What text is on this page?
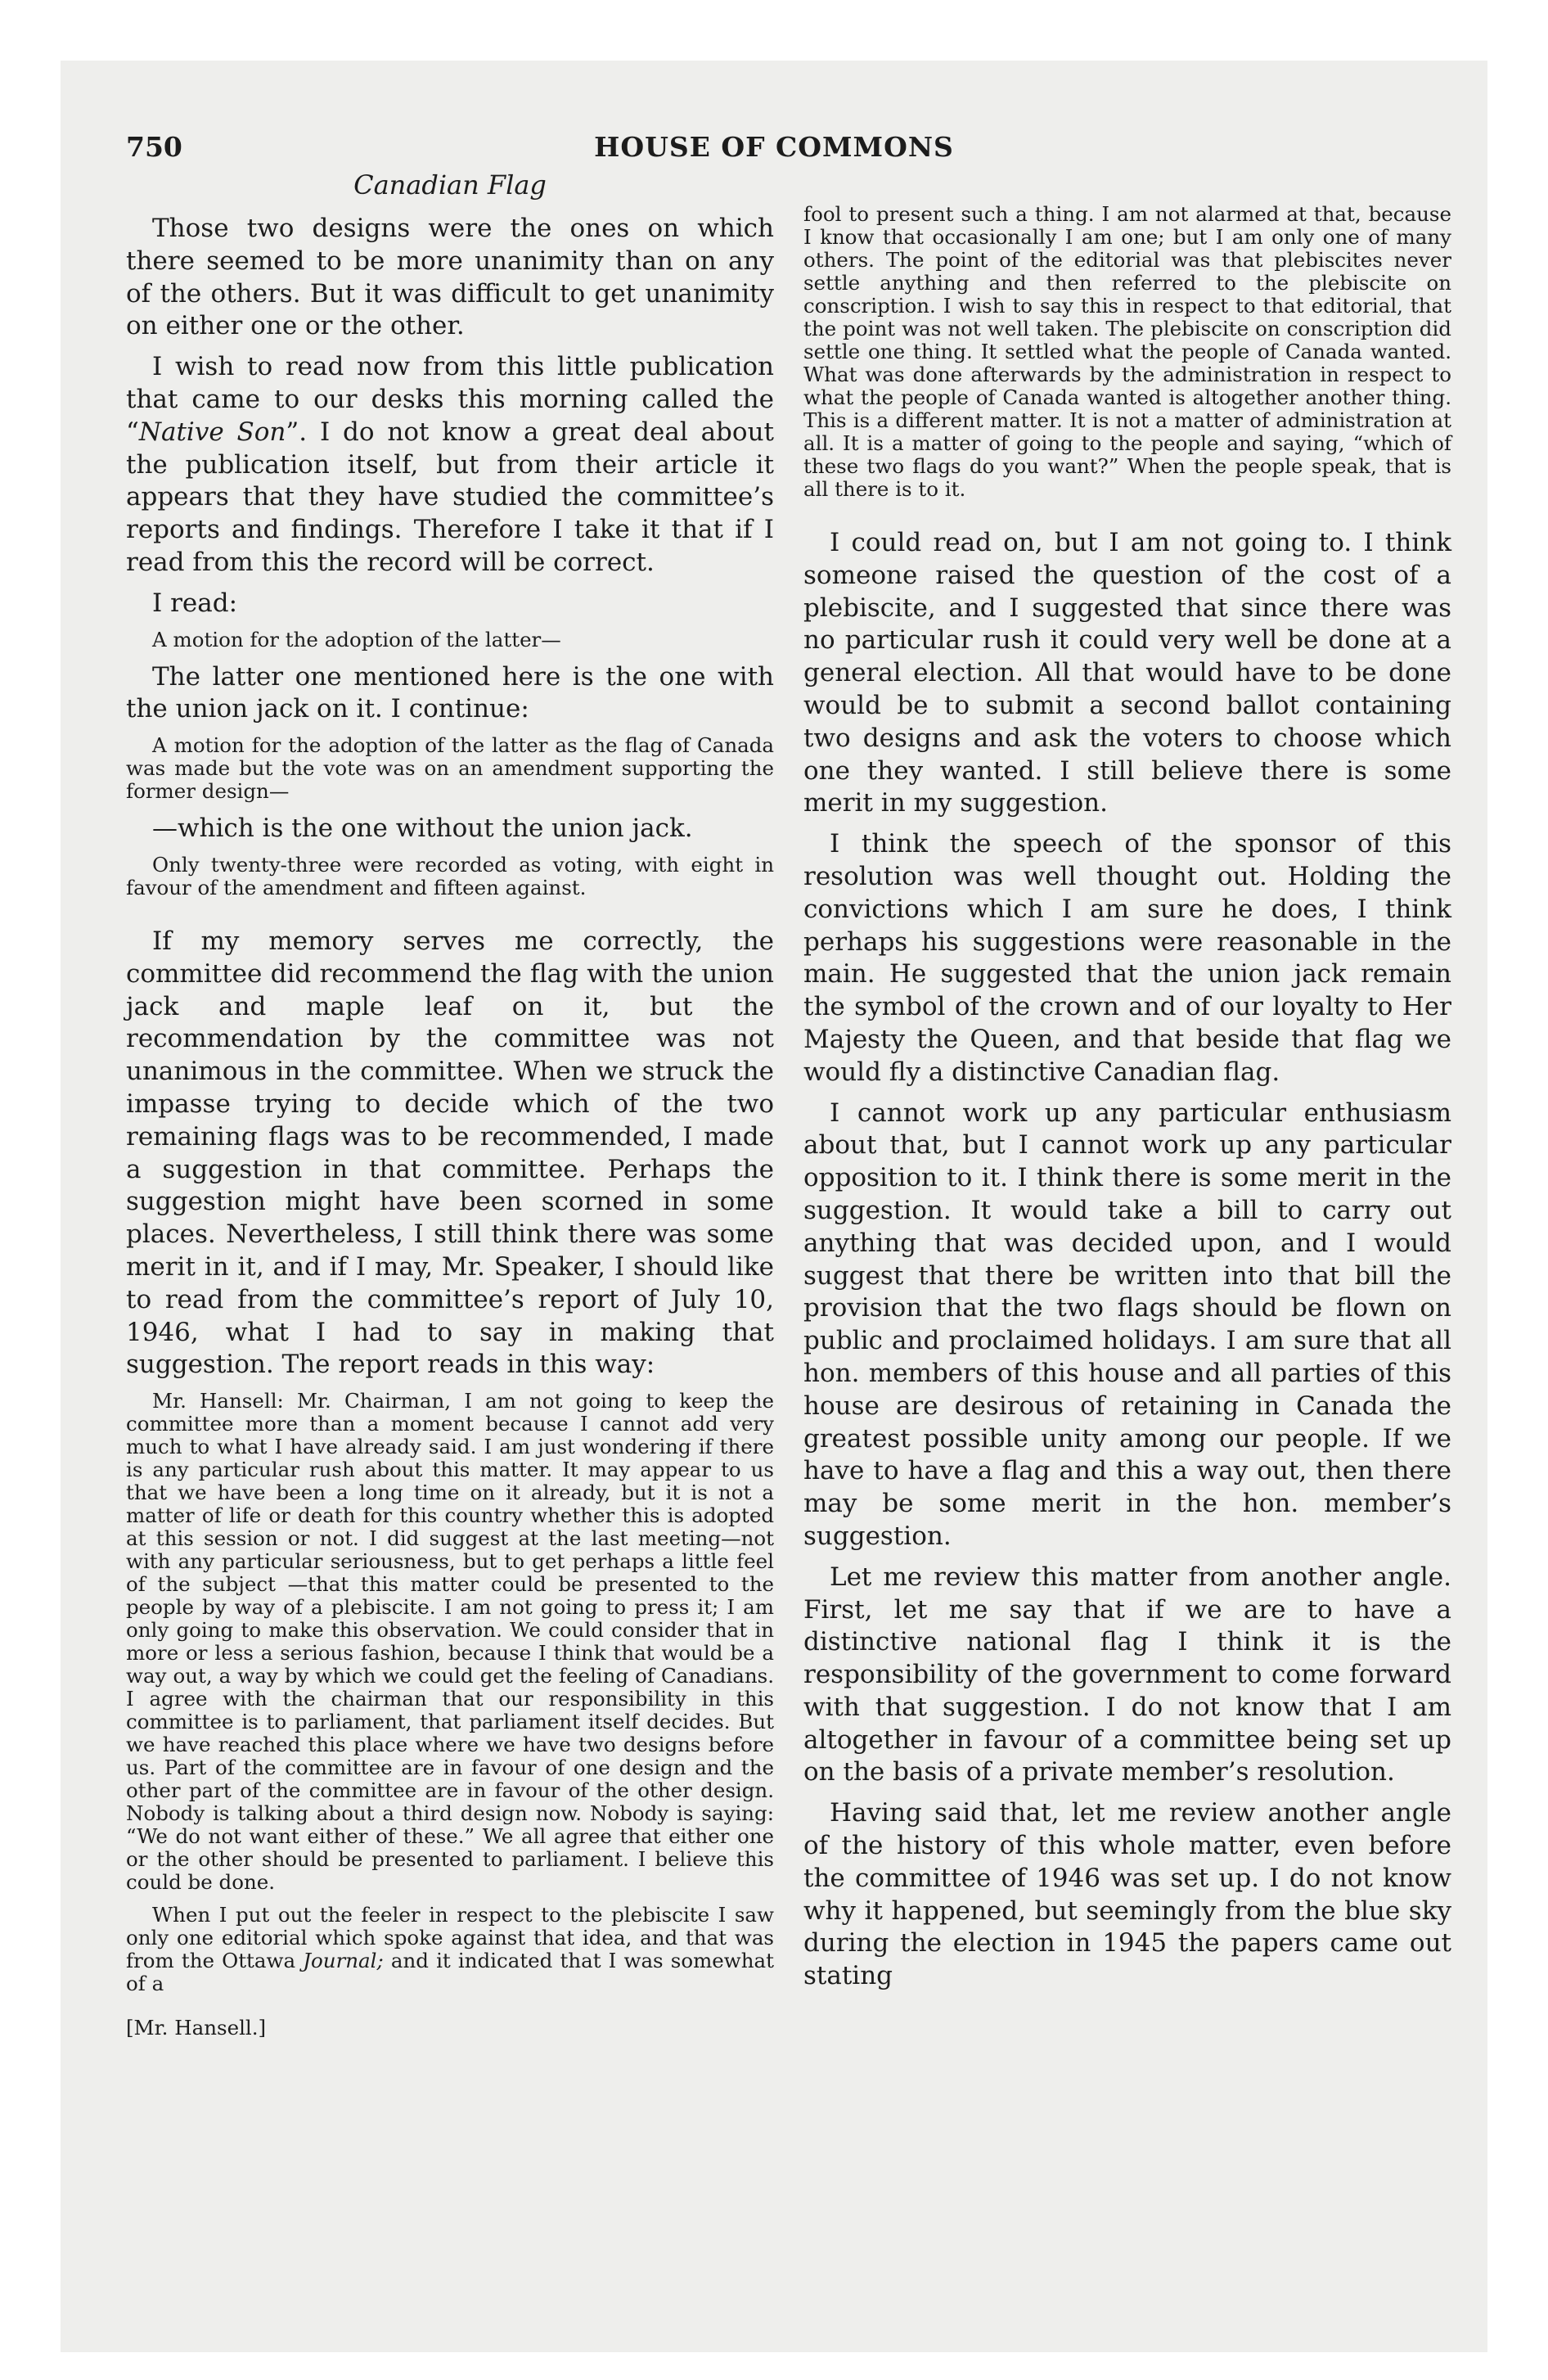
750	HOUSE OF COMMONS

Canadian Flag

Those two designs were the ones on which there seemed to be more unanimity than on any of the others. But it was difficult to get unanimity on either one or the other.

I wish to read now from this little publication that came to our desks this morning called the “Native Son”. I do not know a great deal about the publication itself, but from their article it appears that they have studied the committee’s reports and findings. Therefore I take it that if I read from this the record will be correct.

I read:

A motion for the adoption of the latter—

The latter one mentioned here is the one with the union jack on it. I continue:

A motion for the adoption of the latter as the flag of Canada was made but the vote was on an amendment supporting the former design—

—which is the one without the union jack.

Only twenty-three were recorded as voting, with eight in favour of the amendment and fifteen against.

If my memory serves me correctly, the committee did recommend the flag with the union jack and maple leaf on it, but the recommendation by the committee was not unanimous in the committee. When we struck the impasse trying to decide which of the two remaining flags was to be recommended, I made a suggestion in that committee. Perhaps the suggestion might have been scorned in some places. Nevertheless, I still think there was some merit in it, and if I may, Mr. Speaker, I should like to read from the committee’s report of July 10, 1946, what I had to say in making that suggestion. The report reads in this way:

Mr. Hansell: Mr. Chairman, I am not going to keep the committee more than a moment because I cannot add very much to what I have already said. I am just wondering if there is any particular rush about this matter. It may appear to us that we have been a long time on it already, but it is not a matter of life or death for this country whether this is adopted at this session or not. I did suggest at the last meeting—not with any particular seriousness, but to get perhaps a little feel of the subject —that this matter could be presented to the people by way of a plebiscite. I am not going to press it; I am only going to make this observation. We could consider that in more or less a serious fashion, because I think that would be a way out, a way by which we could get the feeling of Canadians. I agree with the chairman that our responsibility in this committee is to parliament, that parliament itself decides. But we have reached this place where we have two designs before us. Part of the committee are in favour of one design and the other part of the committee are in favour of the other design. Nobody is talking about a third design now. Nobody is saying: “We do not want either of these.” We all agree that either one or the other should be presented to parliament. I believe this could be done.

When I put out the feeler in respect to the plebiscite I saw only one editorial which spoke against that idea, and that was from the Ottawa Journal; and it indicated that I was somewhat of a

[Mr. Hansell.]

fool to present such a thing. I am not alarmed at that, because I know that occasionally I am one; but I am only one of many others. The point of the editorial was that plebiscites never settle anything and then referred to the plebiscite on conscription. I wish to say this in respect to that editorial, that the point was not well taken. The plebiscite on conscription did settle one thing. It settled what the people of Canada wanted. What was done afterwards by the administration in respect to what the people of Canada wanted is altogether another thing. This is a different matter. It is not a matter of administration at all. It is a matter of going to the people and saying, “which of these two flags do you want?” When the people speak, that is all there is to it.

I could read on, but I am not going to. I think someone raised the question of the cost of a plebiscite, and I suggested that since there was no particular rush it could very well be done at a general election. All that would have to be done would be to submit a second ballot containing two designs and ask the voters to choose which one they wanted. I still believe there is some merit in my suggestion.

I think the speech of the sponsor of this resolution was well thought out. Holding the convictions which I am sure he does, I think perhaps his suggestions were reasonable in the main. He suggested that the union jack remain the symbol of the crown and of our loyalty to Her Majesty the Queen, and that beside that flag we would fly a distinctive Canadian flag.

I cannot work up any particular enthusiasm about that, but I cannot work up any particular opposition to it. I think there is some merit in the suggestion. It would take a bill to carry out anything that was decided upon, and I would suggest that there be written into that bill the provision that the two flags should be flown on public and proclaimed holidays. I am sure that all hon. members of this house and all parties of this house are desirous of retaining in Canada the greatest possible unity among our people. If we have to have a flag and this a way out, then there may be some merit in the hon. member’s suggestion.

Let me review this matter from another angle. First, let me say that if we are to have a distinctive national flag I think it is the responsibility of the government to come forward with that suggestion. I do not know that I am altogether in favour of a committee being set up on the basis of a private member’s resolution.

Having said that, let me review another angle of the history of this whole matter, even before the committee of 1946 was set up. I do not know why it happened, but seemingly from the blue sky during the election in 1945 the papers came out stating
